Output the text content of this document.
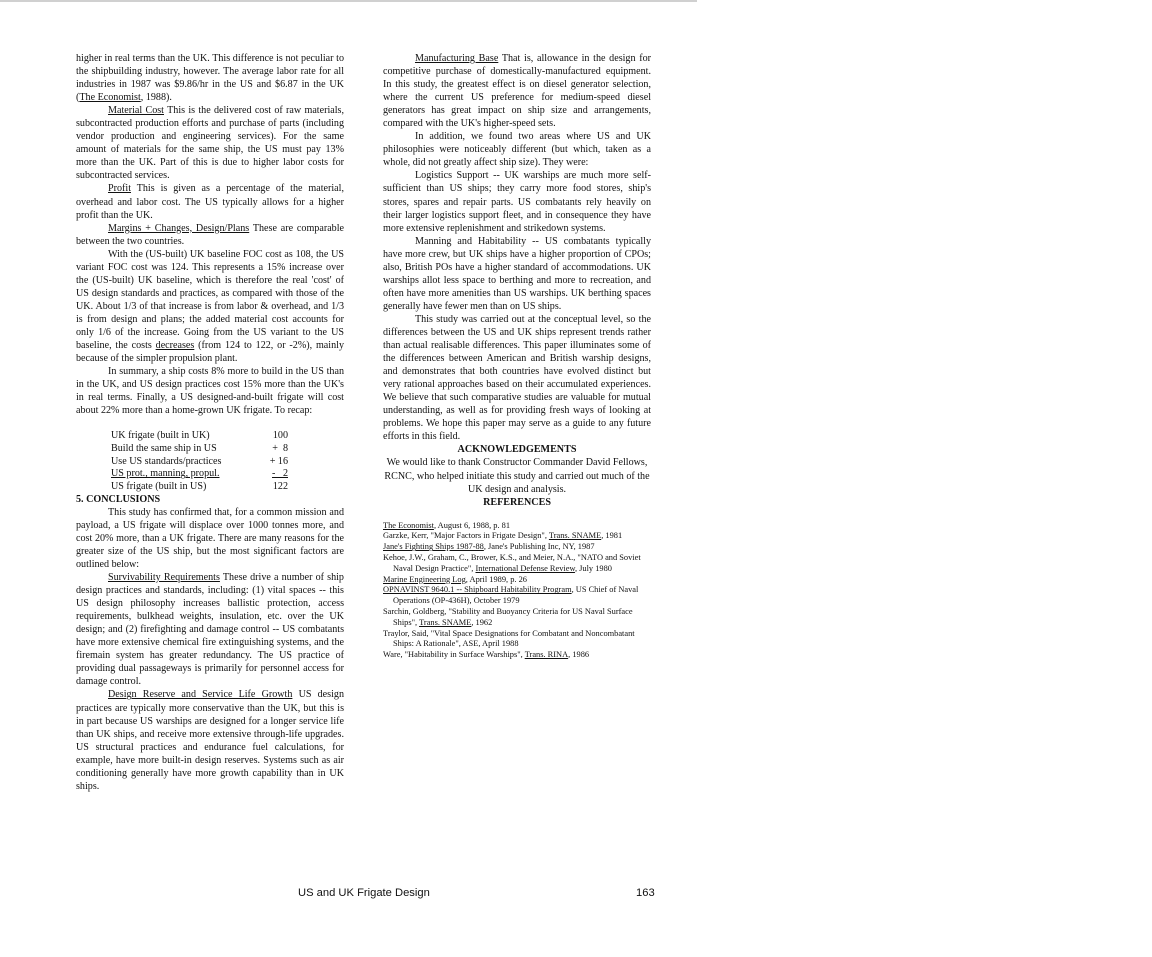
higher in real terms than the UK. This difference is not peculiar to the shipbuilding industry, however. The average labor rate for all industries in 1987 was $9.86/hr in the US and $6.87 in the UK (The Economist, 1988).

Material Cost This is the delivered cost of raw materials, subcontracted production efforts and purchase of parts (including vendor production and engineering services). For the same amount of materials for the same ship, the US must pay 13% more than the UK. Part of this is due to higher labor costs for subcontracted services.

Profit This is given as a percentage of the material, overhead and labor cost. The US typically allows for a higher profit than the UK.

Margins + Changes, Design/Plans These are comparable between the two countries.

With the (US-built) UK baseline FOC cost as 108, the US variant FOC cost was 124. This represents a 15% increase over the (US-built) UK baseline, which is therefore the real 'cost' of US design standards and practices, as compared with those of the UK. About 1/3 of that increase is from labor & overhead, and 1/3 is from design and plans; the added material cost accounts for only 1/6 of the increase. Going from the US variant to the US baseline, the costs decreases (from 124 to 122, or -2%), mainly because of the simpler propulsion plant.

In summary, a ship costs 8% more to build in the US than in the UK, and US design practices cost 15% more than the UK's in real terms. Finally, a US designed-and-built frigate will cost about 22% more than a home-grown UK frigate. To recap:

UK frigate (built in UK)	100
Build the same ship in US	+  8
Use US standards/practices	+ 16
US prot., manning, propul.	-   2
US frigate (built in US)	122

5. CONCLUSIONS

This study has confirmed that, for a common mission and payload, a US frigate will displace over 1000 tonnes more, and cost 20% more, than a UK frigate. There are many reasons for the greater size of the US ship, but the most significant factors are outlined below:

Survivability Requirements These drive a number of ship design practices and standards, including: (1) vital spaces -- this US design philosophy increases ballistic protection, access requirements, bulkhead weights, insulation, etc. over the UK design; and (2) firefighting and damage control -- US combatants have more extensive chemical fire extinguishing systems, and the firemain system has greater redundancy. The US practice of providing dual passageways is primarily for personnel access for damage control.

Design Reserve and Service Life Growth US design practices are typically more conservative than the UK, but this is in part because US warships are designed for a longer service life than UK ships, and receive more extensive through-life upgrades. US structural practices and endurance fuel calculations, for example, have more built-in design reserves. Systems such as air conditioning generally have more growth capability than in UK ships.

Manufacturing Base That is, allowance in the design for competitive purchase of domestically-manufactured equipment. In this study, the greatest effect is on diesel generator selection, where the current US preference for medium-speed diesel generators has great impact on ship size and arrangements, compared with the UK's higher-speed sets.

In addition, we found two areas where US and UK philosophies were noticeably different (but which, taken as a whole, did not greatly affect ship size). They were:

Logistics Support -- UK warships are much more self-sufficient than US ships; they carry more food stores, ship's stores, spares and repair parts. US combatants rely heavily on their larger logistics support fleet, and in consequence they have more extensive replenishment and strikedown systems.

Manning and Habitability -- US combatants typically have more crew, but UK ships have a higher proportion of CPOs; also, British POs have a higher standard of accommodations. UK warships allot less space to berthing and more to recreation, and often have more amenities than US warships. UK berthing spaces generally have fewer men than on US ships.

This study was carried out at the conceptual level, so the differences between the US and UK ships represent trends rather than actual realisable differences. This paper illuminates some of the differences between American and British warship designs, and demonstrates that both countries have evolved distinct but very rational approaches based on their accumulated experiences. We believe that such comparative studies are valuable for mutual understanding, as well as for providing fresh ways of looking at problems. We hope this paper may serve as a guide to any future efforts in this field.

ACKNOWLEDGEMENTS

We would like to thank Constructor Commander David Fellows, RCNC, who helped initiate this study and carried out much of the UK design and analysis.

REFERENCES

The Economist, August 6, 1988, p. 81
Garzke, Kerr, "Major Factors in Frigate Design", Trans. SNAME, 1981
Jane's Fighting Ships 1987-88, Jane's Publishing Inc, NY, 1987
Kehoe, J.W., Graham, C., Brower, K.S., and Meier, N.A., "NATO and Soviet Naval Design Practice", International Defense Review, July 1980
Marine Engineering Log, April 1989, p. 26
OPNAVINST 9640.1 -- Shipboard Habitability Program, US Chief of Naval Operations (OP-436H), October 1979
Sarchin, Goldberg, "Stability and Buoyancy Criteria for US Naval Surface Ships", Trans. SNAME, 1962
Traylor, Said, "Vital Space Designations for Combatant and Noncombatant Ships: A Rationale", ASE, April 1988
Ware, "Habitability in Surface Warships", Trans. RINA, 1986
US and UK Frigate Design	163
